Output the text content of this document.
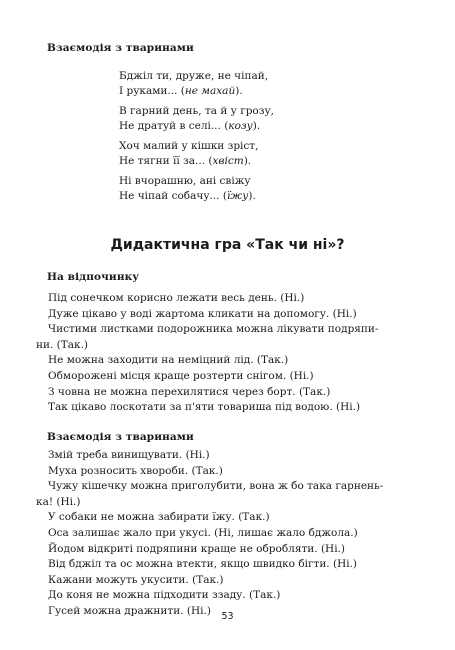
Взаємодія з тваринами
Бджіл ти, друже, не чіпай,
І руками... (не махай).
В гарний день, та й у грозу,
Не дратуй в селі... (козу).
Хоч малий у кішки зріст,
Не тягни її за... (хвіст).
Ні вчорашню, ані свіжу
Не чіпай собачу... (їжу).
Дидактична гра «Так чи ні»?
На відпочинку
Під сонечком корисно лежати весь день. (Ні.)
Дуже цікаво у воді жартома кликати на допомогу. (Ні.)
Чистими листками подорожника можна лікувати подряпи-
ни. (Так.)
Не можна заходити на неміцний лід. (Так.)
Обморожені місця краще розтерти снігом. (Ні.)
З човна не можна перехилятися через борт. (Так.)
Так цікаво лоскотати за п'яти товариша під водою. (Ні.)
Взаємодія з тваринами
Змій треба винищувати. (Ні.)
Муха розносить хвороби. (Так.)
Чужу кішечку можна приголубити, вона ж бо така гарнень-
ка! (Ні.)
У собаки не можна забирати їжу. (Так.)
Оса залишає жало при укусі. (Ні, лишає жало бджола.)
Йодом відкриті подряпини краще не обробляти. (Ні.)
Від бджіл та ос можна втекти, якщо швидко бігти. (Ні.)
Кажани можуть укусити. (Так.)
До коня не можна підходити ззаду. (Так.)
Гусей можна дражнити. (Ні.)	53
